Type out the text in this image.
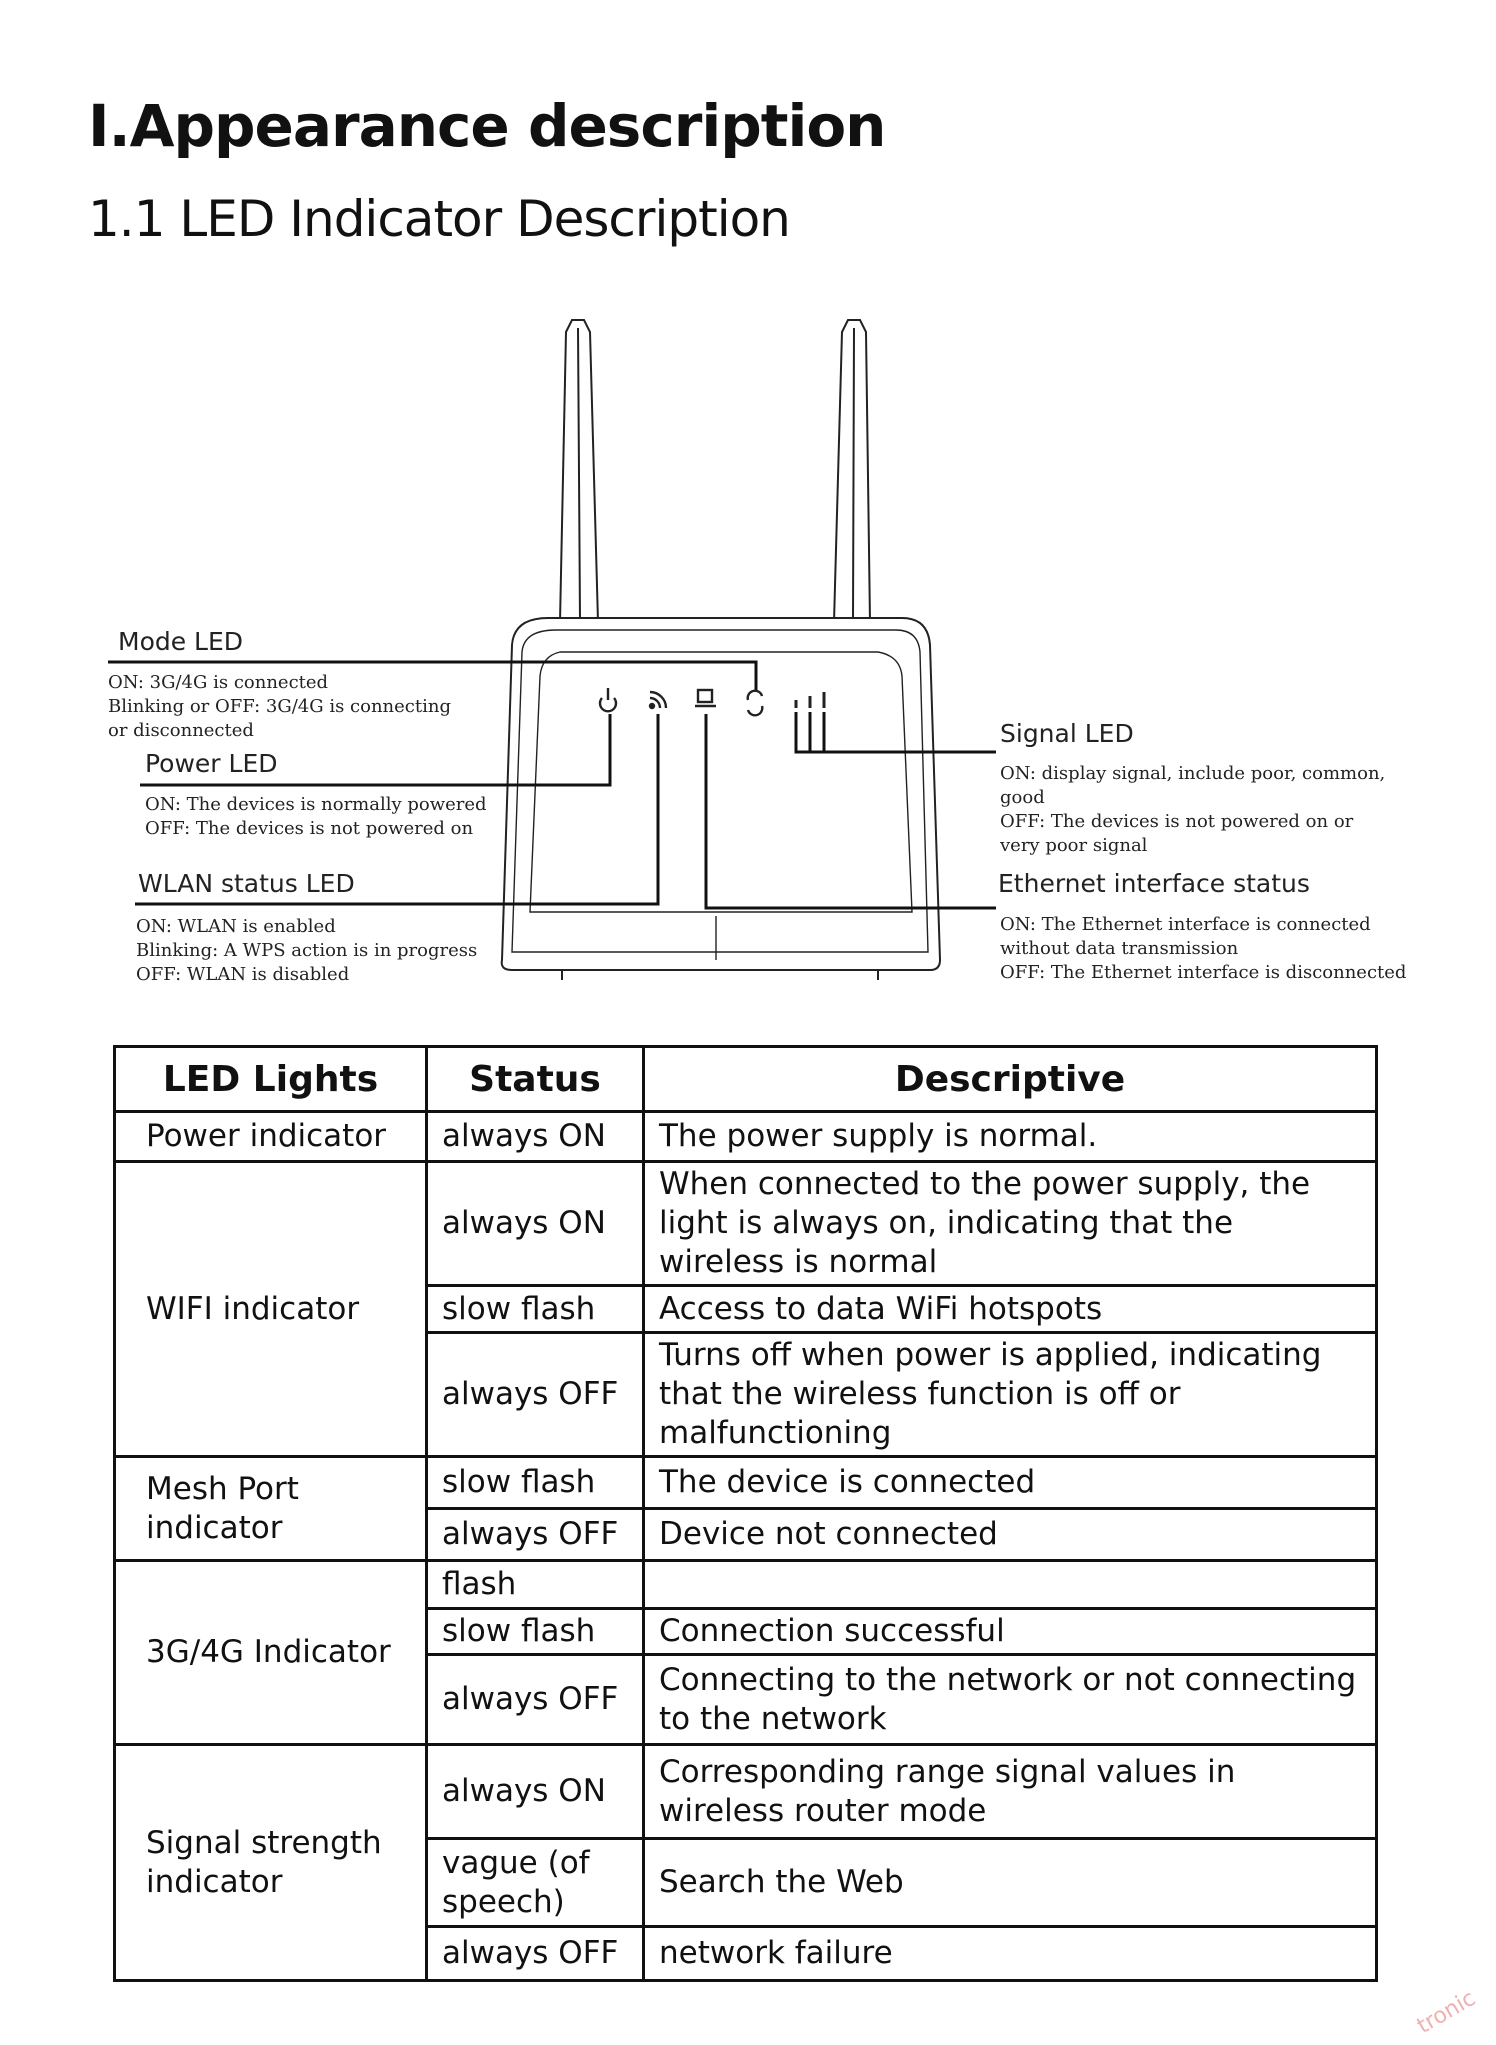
I.Appearance description
1.1 LED Indicator Description
Mode LED
ON: 3G/4G is connected
Blinking or OFF: 3G/4G is connecting
or disconnected
Power LED
ON: The devices is normally powered
OFF: The devices is not powered on
WLAN status LED
ON: WLAN is enabled
Blinking: A WPS action is in progress
OFF: WLAN is disabled
Signal LED
ON: display signal, include poor, common,
good
OFF: The devices is not powered on or
very poor signal
Ethernet interface status
ON: The Ethernet interface is connected
without data transmission
OFF: The Ethernet interface is disconnected
LED Lights	Status	Descriptive
Power indicator	always ON	The power supply is normal.
WIFI indicator	always ON	When connected to the power supply, the light is always on, indicating that the wireless is normal
	slow flash	Access to data WiFi hotspots
	always OFF	Turns off when power is applied, indicating that the wireless function is off or malfunctioning
Mesh Port indicator	slow flash	The device is connected
	always OFF	Device not connected
3G/4G Indicator	flash	
	slow flash	Connection successful
	always OFF	Connecting to the network or not connecting to the network
Signal strength indicator	always ON	Corresponding range signal values in wireless router mode
	vague (of speech)	Search the Web
	always OFF	network failure
tronic
